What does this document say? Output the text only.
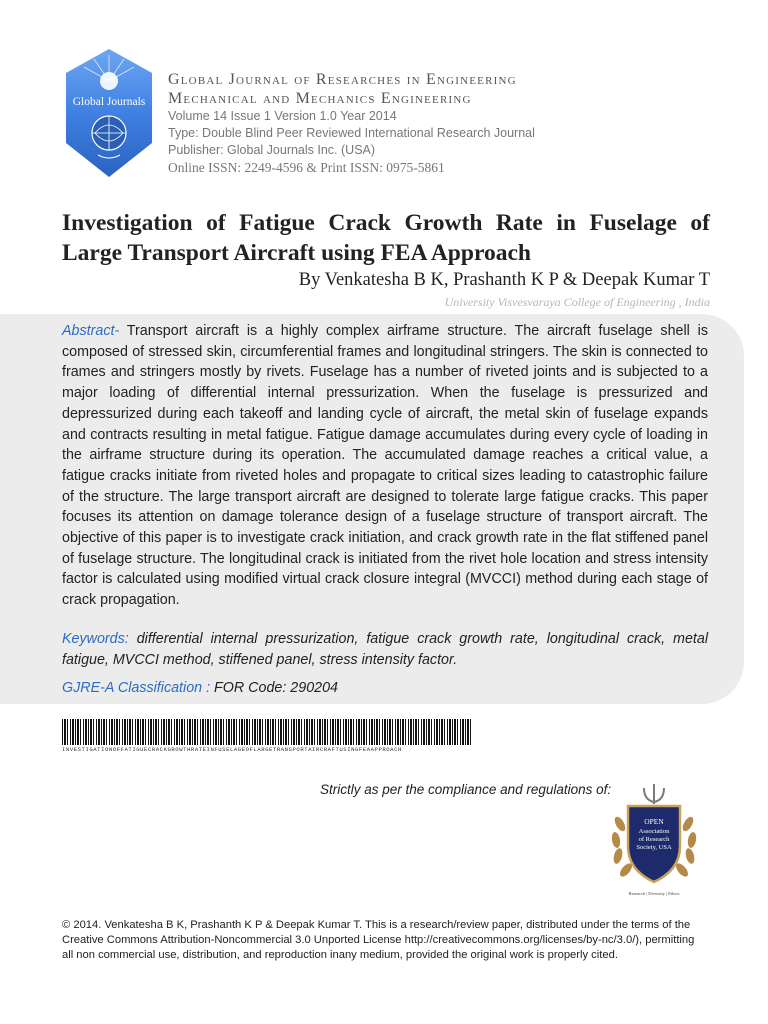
Global Journals

Global Journal of Researches in Engineering

Mechanical and Mechanics Engineering

Volume 14 Issue 1 Version 1.0 Year 2014

Type: Double Blind Peer Reviewed International Research Journal

Publisher: Global Journals Inc. (USA)

Online ISSN: 2249-4596 & Print ISSN: 0975-5861

Investigation of Fatigue Crack Growth Rate in Fuselage of Large Transport Aircraft using FEA Approach

By Venkatesha B K, Prashanth K P & Deepak Kumar T

University Visvesvaraya College of Engineering , India

Abstract- Transport aircraft is a highly complex airframe structure. The aircraft fuselage shell is composed of stressed skin, circumferential frames and longitudinal stringers. The skin is connected to frames and stringers mostly by rivets. Fuselage has a number of riveted joints and is subjected to a major loading of differential internal pressurization. When the fuselage is pressurized and depressurized during each takeoff and landing cycle of aircraft, the metal skin of fuselage expands and contracts resulting in metal fatigue. Fatigue damage accumulates during every cycle of loading in the airframe structure during its operation. The accumulated damage reaches a critical value, a fatigue cracks initiate from riveted holes and propagate to critical sizes leading to catastrophic failure of the structure. The large transport aircraft are designed to tolerate large fatigue cracks. This paper focuses its attention on damage tolerance design of a fuselage structure of transport aircraft. The objective of this paper is to investigate crack initiation, and crack growth rate in the flat stiffened panel of fuselage structure. The longitudinal crack is initiated from the rivet hole location and stress intensity factor is calculated using modified virtual crack closure integral (MVCCI) method during each stage of crack propagation.

Keywords: differential internal pressurization, fatigue crack growth rate, longitudinal crack, metal fatigue, MVCCI method, stiffened panel, stress intensity factor.

GJRE-A Classification : FOR Code: 290204

INVESTIGATIONOFFATIGUECRACKGROWTHRATEINFUSELAGEOFLARGETRANSPORTAIRCRAFTUSINGFEAAPPROACH

Strictly as per the compliance and regulations of:

OPEN
Association
of Research
Society, USA
Research | Diversity | Ethics

© 2014. Venkatesha B K, Prashanth K P & Deepak Kumar T. This is a research/review paper, distributed under the terms of the Creative Commons Attribution-Noncommercial 3.0 Unported License http://creativecommons.org/licenses/by-nc/3.0/), permitting all non commercial use, distribution, and reproduction inany medium, provided the original work is properly cited.
